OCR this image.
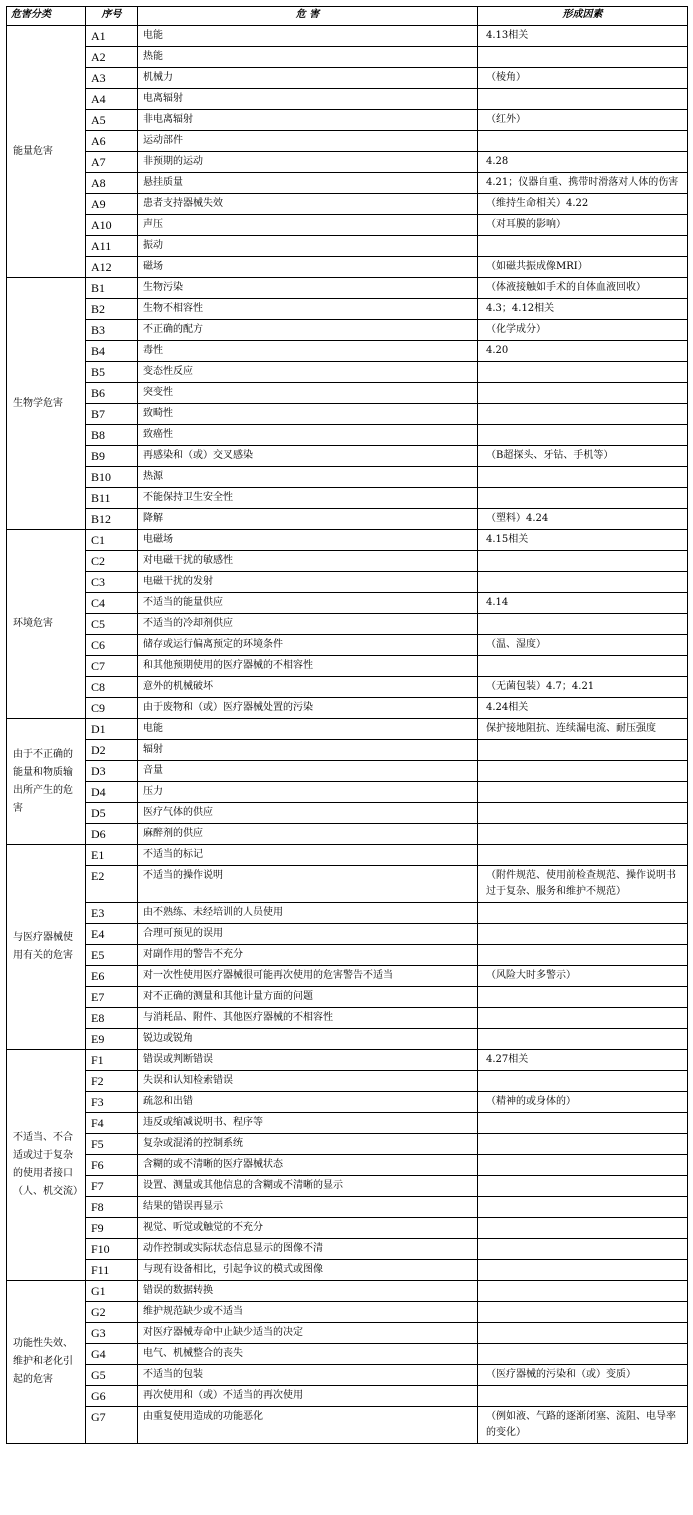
危害分类	序号	危 害	形成因素
能量危害	A1	电能	4.13相关
	A2	热能	
	A3	机械力	（棱角）
	A4	电离辐射	
	A5	非电离辐射	（红外）
	A6	运动部件	
	A7	非预期的运动	4.28
	A8	悬挂质量	4.21；仪器自重、携带时滑落对人体的伤害
	A9	患者支持器械失效	（维持生命相关）4.22
	A10	声压	（对耳膜的影响）
	A11	振动	
	A12	磁场	（如磁共振成像MRI）
生物学危害	B1	生物污染	（体液接触如手术的自体血液回收）
	B2	生物不相容性	4.3；4.12相关
	B3	不正确的配方	（化学成分）
	B4	毒性	4.20
	B5	变态性反应	
	B6	突变性	
	B7	致畸性	
	B8	致癌性	
	B9	再感染和（或）交叉感染	（B超探头、牙钻、手机等）
	B10	热源	
	B11	不能保持卫生安全性	
	B12	降解	（塑料）4.24
环境危害	C1	电磁场	4.15相关
	C2	对电磁干扰的敏感性	
	C3	电磁干扰的发射	
	C4	不适当的能量供应	4.14
	C5	不适当的冷却剂供应	
	C6	储存或运行偏离预定的环境条件	（温、湿度）
	C7	和其他预期使用的医疗器械的不相容性	
	C8	意外的机械破坏	（无菌包装）4.7；4.21
	C9	由于废物和（或）医疗器械处置的污染	4.24相关
由于不正确的能量和物质输出所产生的危害	D1	电能	保护接地阻抗、连续漏电流、耐压强度
	D2	辐射	
	D3	音量	
	D4	压力	
	D5	医疗气体的供应	
	D6	麻醉剂的供应	
与医疗器械使用有关的危害	E1	不适当的标记	
	E2	不适当的操作说明	（附件规范、使用前检查规范、操作说明书过于复杂、服务和维护不规范）
	E3	由不熟练、未经培训的人员使用	
	E4	合理可预见的误用	
	E5	对副作用的警告不充分	
	E6	对一次性使用医疗器械很可能再次使用的危害警告不适当	（风险大时多警示）
	E7	对不正确的测量和其他计量方面的问题	
	E8	与消耗品、附件、其他医疗器械的不相容性	
	E9	锐边或锐角	
不适当、不合适或过于复杂的使用者接口（人、机交流）	F1	错误或判断错误	4.27相关
	F2	失误和认知检索错误	
	F3	疏忽和出错	（精神的或身体的）
	F4	违反或缩减说明书、程序等	
	F5	复杂或混淆的控制系统	
	F6	含糊的或不清晰的医疗器械状态	
	F7	设置、测量或其他信息的含糊或不清晰的显示	
	F8	结果的错误再显示	
	F9	视觉、听觉或触觉的不充分	
	F10	动作控制或实际状态信息显示的图像不清	
	F11	与现有设备相比，引起争议的模式或图像	
功能性失效、维护和老化引起的危害	G1	错误的数据转换	
	G2	维护规范缺少或不适当	
	G3	对医疗器械寿命中止缺少适当的决定	
	G4	电气、机械整合的丧失	
	G5	不适当的包装	（医疗器械的污染和（或）变质）
	G6	再次使用和（或）不适当的再次使用	
	G7	由重复使用造成的功能恶化	（例如液、气路的逐渐闭塞、流阻、电导率的变化）
